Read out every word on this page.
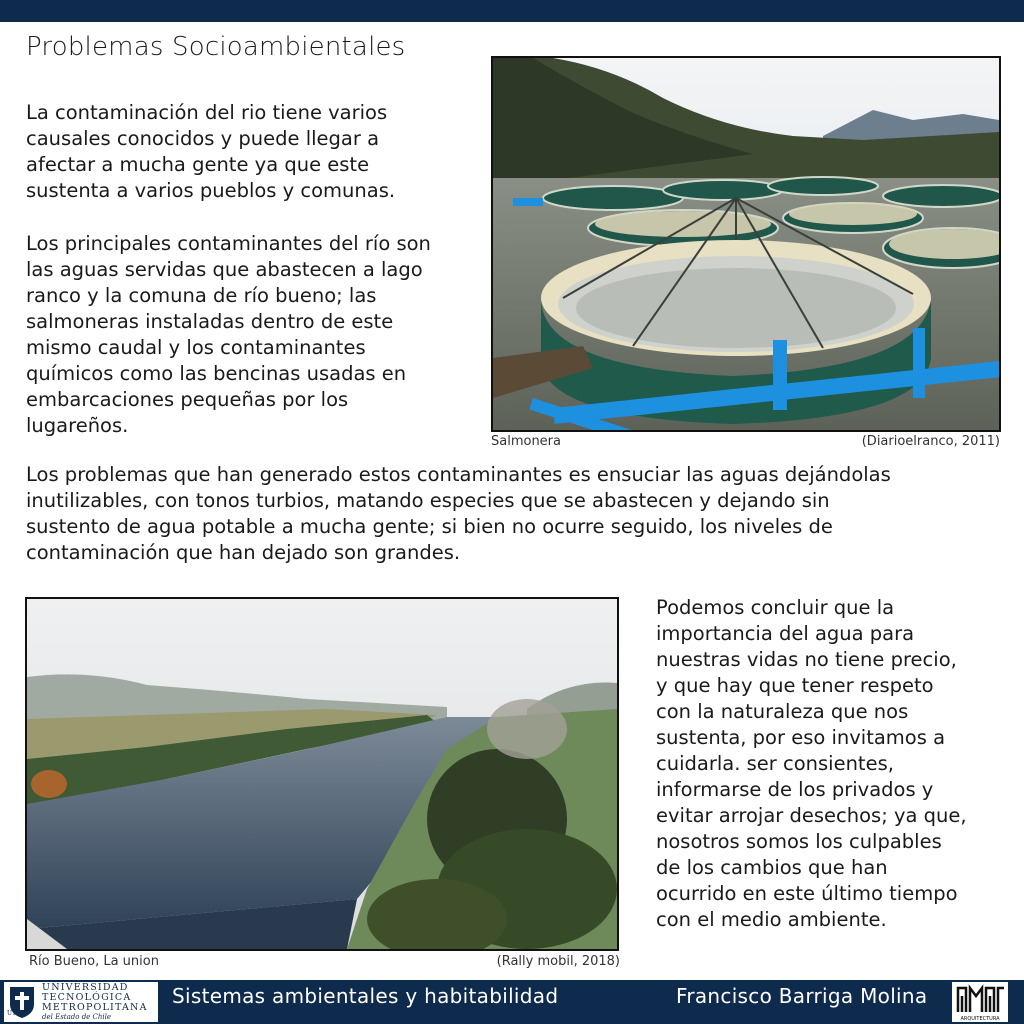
Problemas Socioambientales

La contaminación del rio tiene varios
causales conocidos y puede llegar a
afectar a mucha gente ya que este
sustenta a varios pueblos y comunas.

Los principales contaminantes del río son
las aguas servidas que abastecen a lago
ranco y la comuna de río bueno; las
salmoneras instaladas dentro de este
mismo caudal y los contaminantes
químicos como las bencinas usadas en
embarcaciones pequeñas por los
lugareños.

Salmonera	(Diarioelranco, 2011)

Los problemas que han generado estos contaminantes es ensuciar las aguas dejándolas
inutilizables, con tonos turbios, matando especies que se abastecen y dejando sin
sustento de agua potable a mucha gente; si bien no ocurre seguido, los niveles de
contaminación que han dejado son grandes.

Río Bueno, La union	(Rally mobil, 2018)

Podemos concluir que la
importancia del agua para
nuestras vidas no tiene precio,
y que hay que tener respeto
con la naturaleza que nos
sustenta, por eso invitamos a
cuidarla. ser consientes,
informarse de los privados y
evitar arrojar desechos; ya que,
nosotros somos los culpables
de los cambios que han
ocurrido en este último tiempo
con el medio ambiente.

UTEM
UNIVERSIDAD
TECNOLÓGICA
METROPOLITANA
del Estado de Chile
Sistemas ambientales y habitabilidad	Francisco Barriga Molina
ARQUITECTURA
